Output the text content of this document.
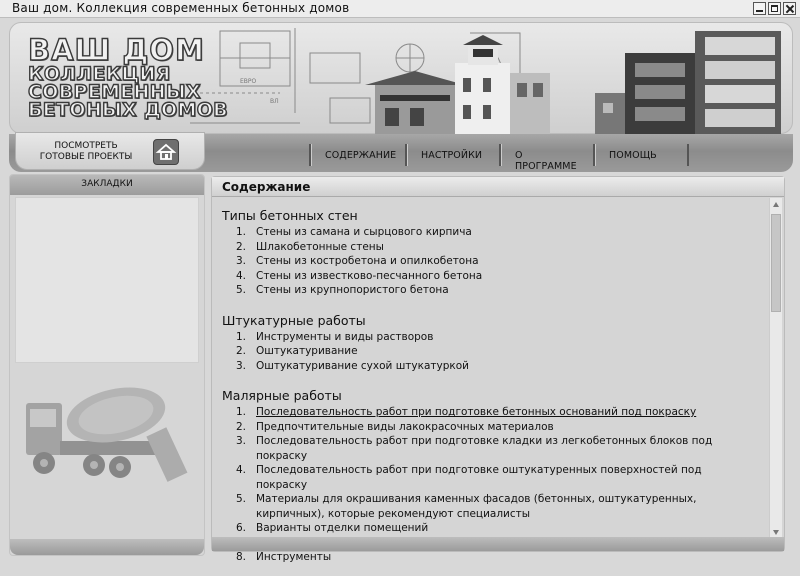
Ваш дом. Коллекция современных бетонных домов
ЕВРО
ВЛ
ВАШ ДОМ
КОЛЛЕКЦИЯ
СОВРЕМЕННЫХ
БЕТОНЫХ ДОМОВ
ПОСМОТРЕТЬ
ГОТОВЫЕ ПРОЕКТЫ	СОДЕРЖАНИЕ	НАСТРОЙКИ	О ПРОГРАММЕ
ПОМОЩЬ
ЗАКЛАДКИ	Содержание
Типы бетонных стен
1. Стены из самана и сырцового кирпича
2. Шлакобетонные стены
3. Стены из костробетона и опилкобетона
4. Стены из известково-песчанного бетона
5. Стены из крупнопористого бетона
Штукатурные работы
1. Инструменты и виды растворов
2. Оштукатуривание
3. Оштукатуривание сухой штукатуркой
Малярные работы
1. Последовательность работ при подготовке бетонных оснований под покраску
2. Предпочтительные виды лакокрасочных материалов
3. Последовательность работ при подготовке кладки из легкобетонных блоков под покраску
4. Последовательность работ при подготовке оштукатуренных поверхностей под покраску
5. Материалы для окрашивания каменных фасадов (бетонных, оштукатуренных, кирпичных), которые рекомендуют специалисты
6. Варианты отделки помещений
8. Инструменты
